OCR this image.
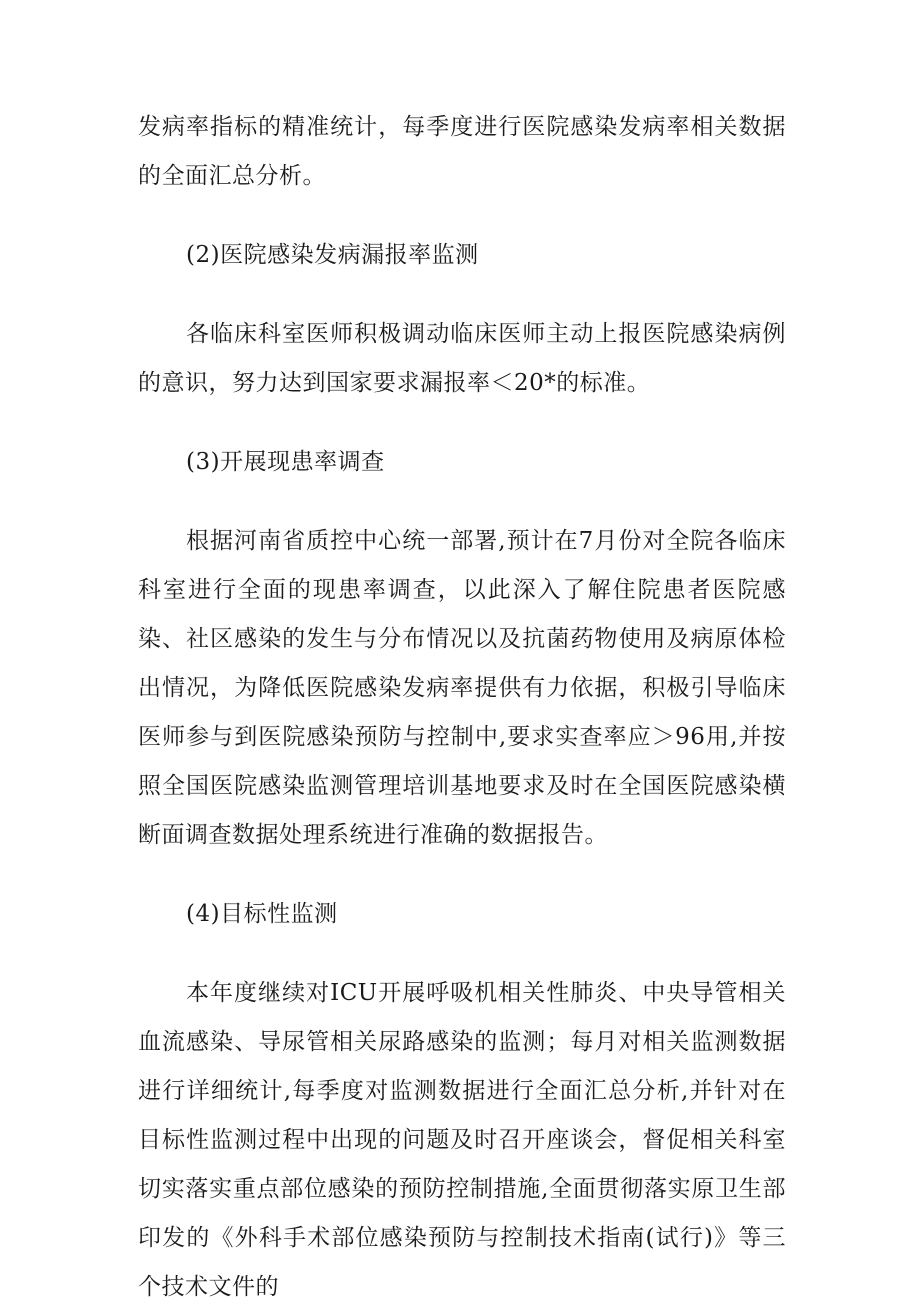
发病率指标的精准统计，每季度进行医院感染发病率相关数据的全面汇总分析。

(2)医院感染发病漏报率监测

各临床科室医师积极调动临床医师主动上报医院感染病例的意识，努力达到国家要求漏报率＜20*的标准。

(3)开展现患率调查

根据河南省质控中心统一部署,预计在7月份对全院各临床科室进行全面的现患率调查，以此深入了解住院患者医院感染、社区感染的发生与分布情况以及抗菌药物使用及病原体检出情况，为降低医院感染发病率提供有力依据，积极引导临床医师参与到医院感染预防与控制中,要求实查率应＞96用,并按照全国医院感染监测管理培训基地要求及时在全国医院感染横断面调查数据处理系统进行准确的数据报告。

(4)目标性监测

本年度继续对ICU开展呼吸机相关性肺炎、中央导管相关血流感染、导尿管相关尿路感染的监测；每月对相关监测数据进行详细统计,每季度对监测数据进行全面汇总分析,并针对在目标性监测过程中出现的问题及时召开座谈会，督促相关科室切实落实重点部位感染的预防控制措施,全面贯彻落实原卫生部印发的《外科手术部位感染预防与控制技术指南(试行)》等三个技术文件的
